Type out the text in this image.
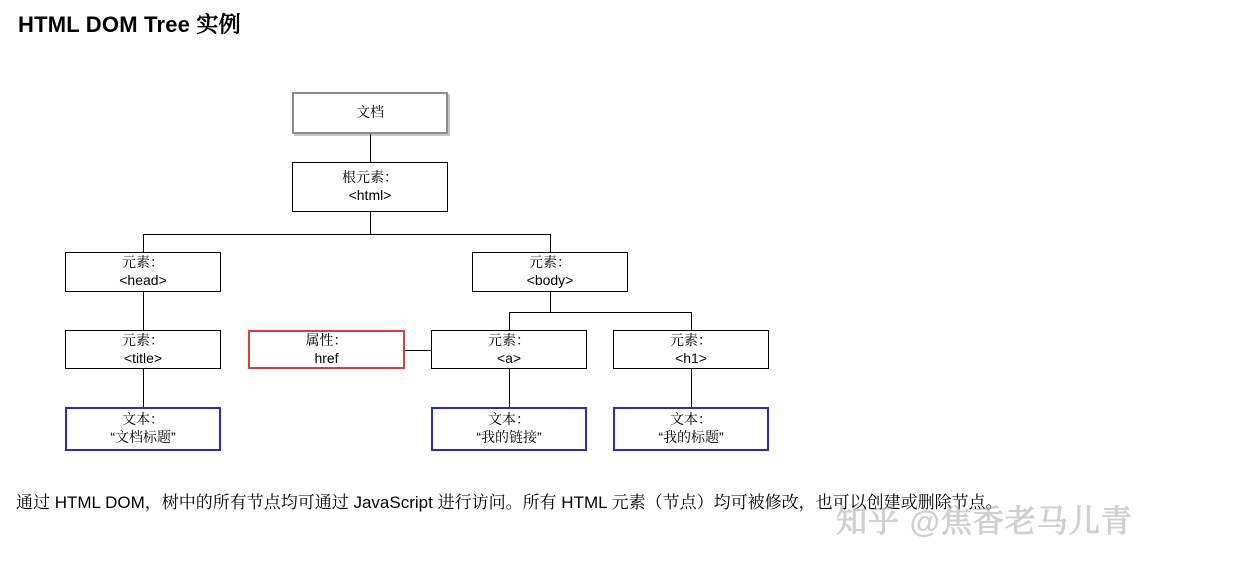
HTML DOM Tree 实例
文档
根元素：
<html>
元素：
<head>
元素：
<body>
元素：
<title>
属性：
href
元素：
<a>
元素：
<h1>
文本：
“文档标题”
文本：
“我的链接”
文本：
“我的标题”
通过 HTML DOM，树中的所有节点均可通过 JavaScript 进行访问。所有 HTML 元素（节点）均可被修改，也可以创建或删除节点。
知乎 @焦香老马儿青
